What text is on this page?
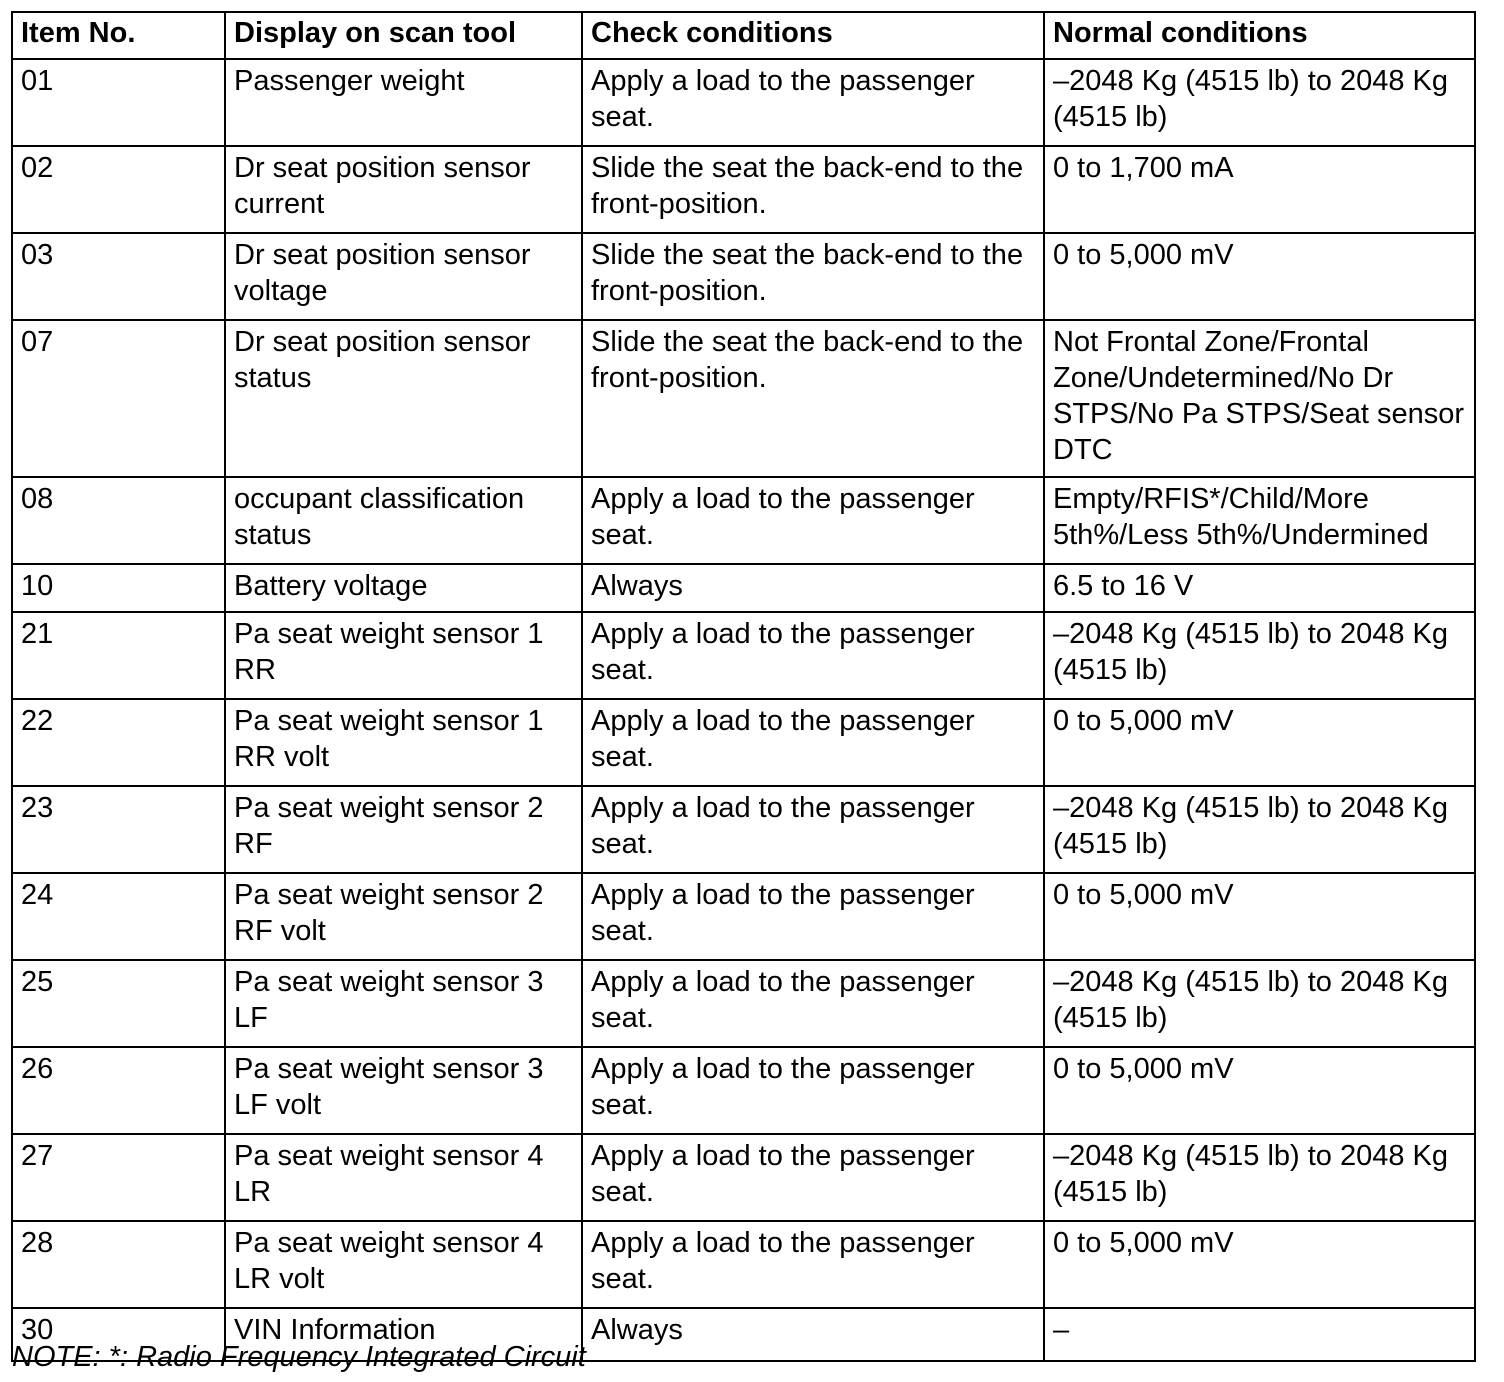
Item No.	Display on scan tool	Check conditions	Normal conditions
01	Passenger weight	Apply a load to the passenger seat.	–2048 Kg (4515 lb) to 2048 Kg (4515 lb)
02	Dr seat position sensor current	Slide the seat the back-end to the front-position.	0 to 1,700 mA
03	Dr seat position sensor voltage	Slide the seat the back-end to the front-position.	0 to 5,000 mV
07	Dr seat position sensor status	Slide the seat the back-end to the front-position.	Not Frontal Zone/Frontal Zone/Undetermined/No Dr STPS/No Pa STPS/Seat sensor DTC
08	occupant classification status	Apply a load to the passenger seat.	Empty/RFIS*/Child/More 5th%/Less 5th%/Undermined
10	Battery voltage	Always	6.5 to 16 V
21	Pa seat weight sensor 1 RR	Apply a load to the passenger seat.	–2048 Kg (4515 lb) to 2048 Kg (4515 lb)
22	Pa seat weight sensor 1 RR volt	Apply a load to the passenger seat.	0 to 5,000 mV
23	Pa seat weight sensor 2 RF	Apply a load to the passenger seat.	–2048 Kg (4515 lb) to 2048 Kg (4515 lb)
24	Pa seat weight sensor 2 RF volt	Apply a load to the passenger seat.	0 to 5,000 mV
25	Pa seat weight sensor 3 LF	Apply a load to the passenger seat.	–2048 Kg (4515 lb) to 2048 Kg (4515 lb)
26	Pa seat weight sensor 3 LF volt	Apply a load to the passenger seat.	0 to 5,000 mV
27	Pa seat weight sensor 4 LR	Apply a load to the passenger seat.	–2048 Kg (4515 lb) to 2048 Kg (4515 lb)
28	Pa seat weight sensor 4 LR volt	Apply a load to the passenger seat.	0 to 5,000 mV
30	VIN Information	Always	–
NOTE: *: Radio Frequency Integrated Circuit
